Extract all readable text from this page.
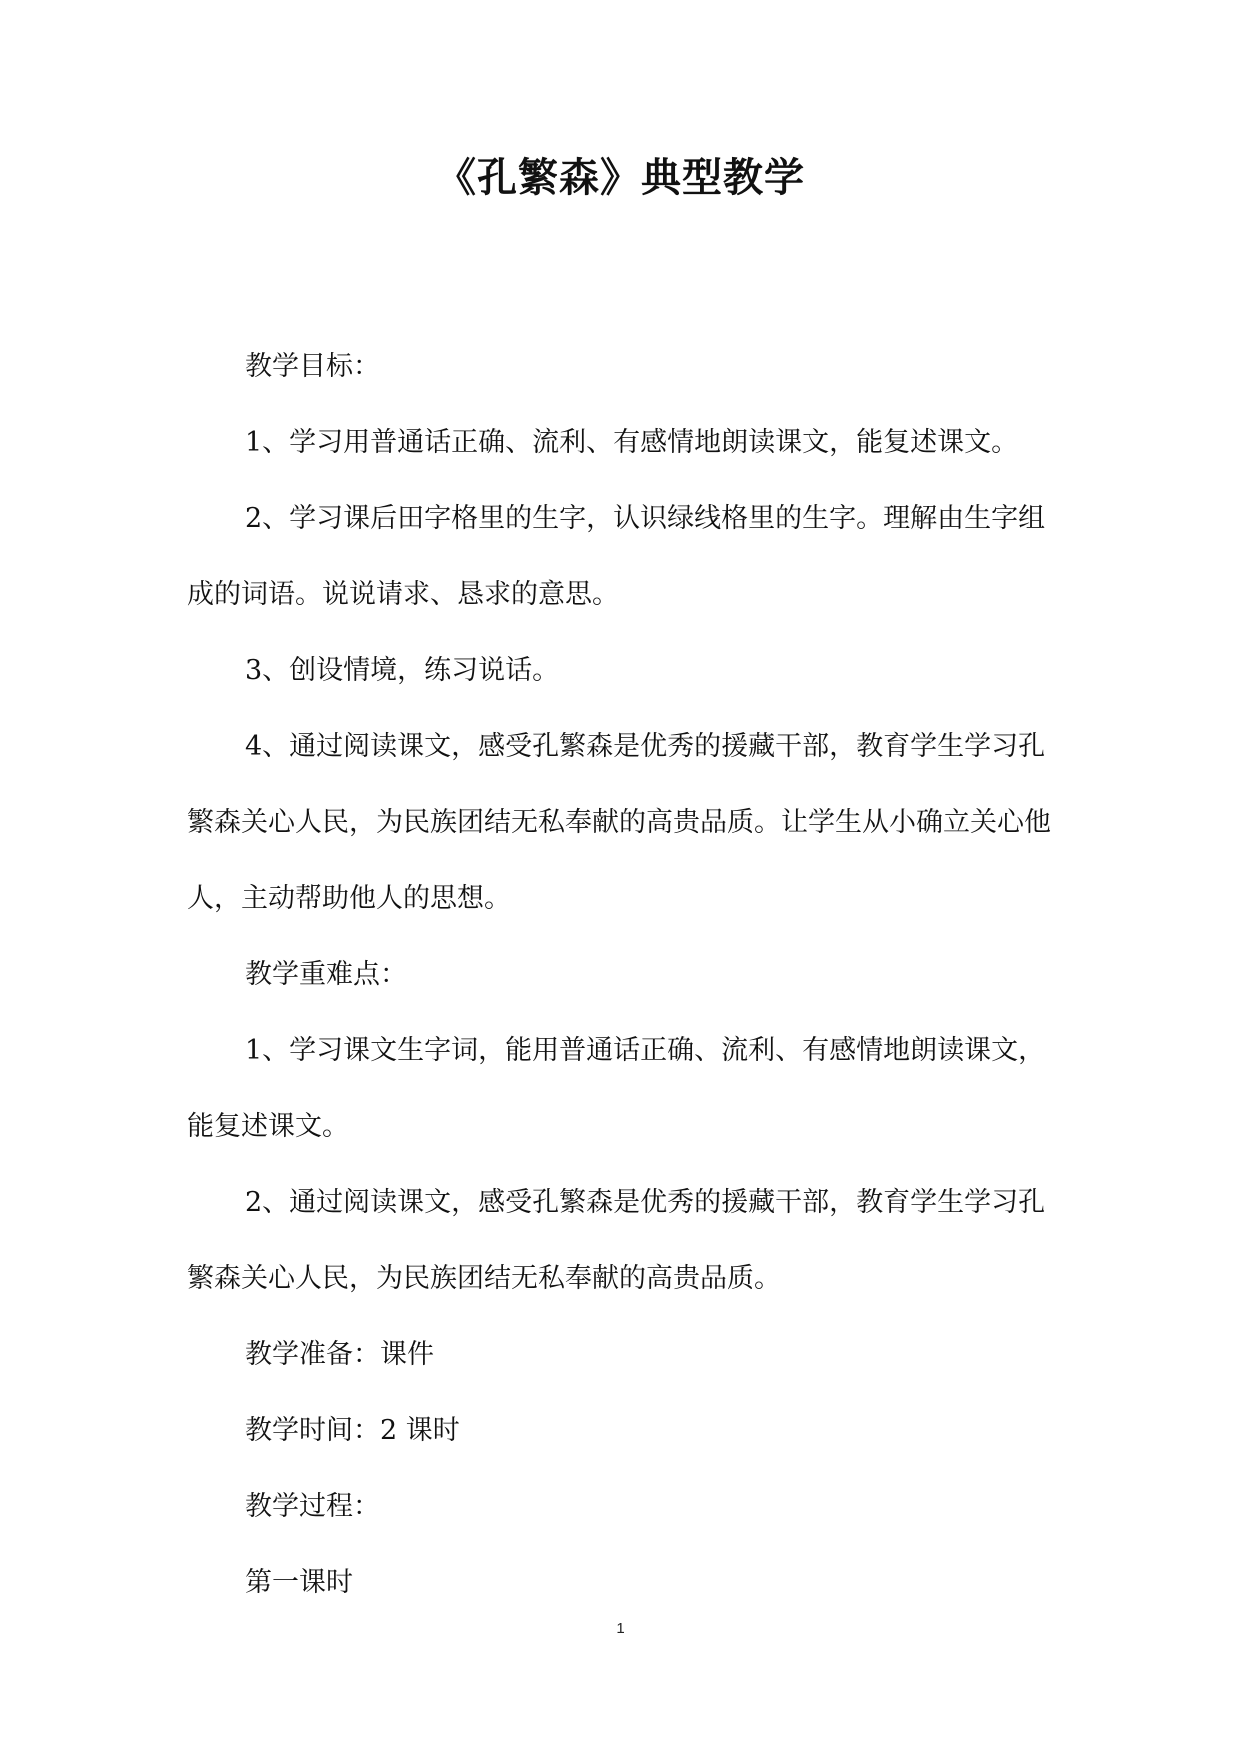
《孔繁森》典型教学

教学目标：

1、学习用普通话正确、流利、有感情地朗读课文，能复述课文。

2、学习课后田字格里的生字，认识绿线格里的生字。理解由生字组成的词语。说说请求、恳求的意思。

3、创设情境，练习说话。

4、通过阅读课文，感受孔繁森是优秀的援藏干部，教育学生学习孔繁森关心人民，为民族团结无私奉献的高贵品质。让学生从小确立关心他人，主动帮助他人的思想。

教学重难点：

1、学习课文生字词，能用普通话正确、流利、有感情地朗读课文，能复述课文。

2、通过阅读课文，感受孔繁森是优秀的援藏干部，教育学生学习孔繁森关心人民，为民族团结无私奉献的高贵品质。

教学准备：课件

教学时间：2 课时

教学过程：

第一课时

1
